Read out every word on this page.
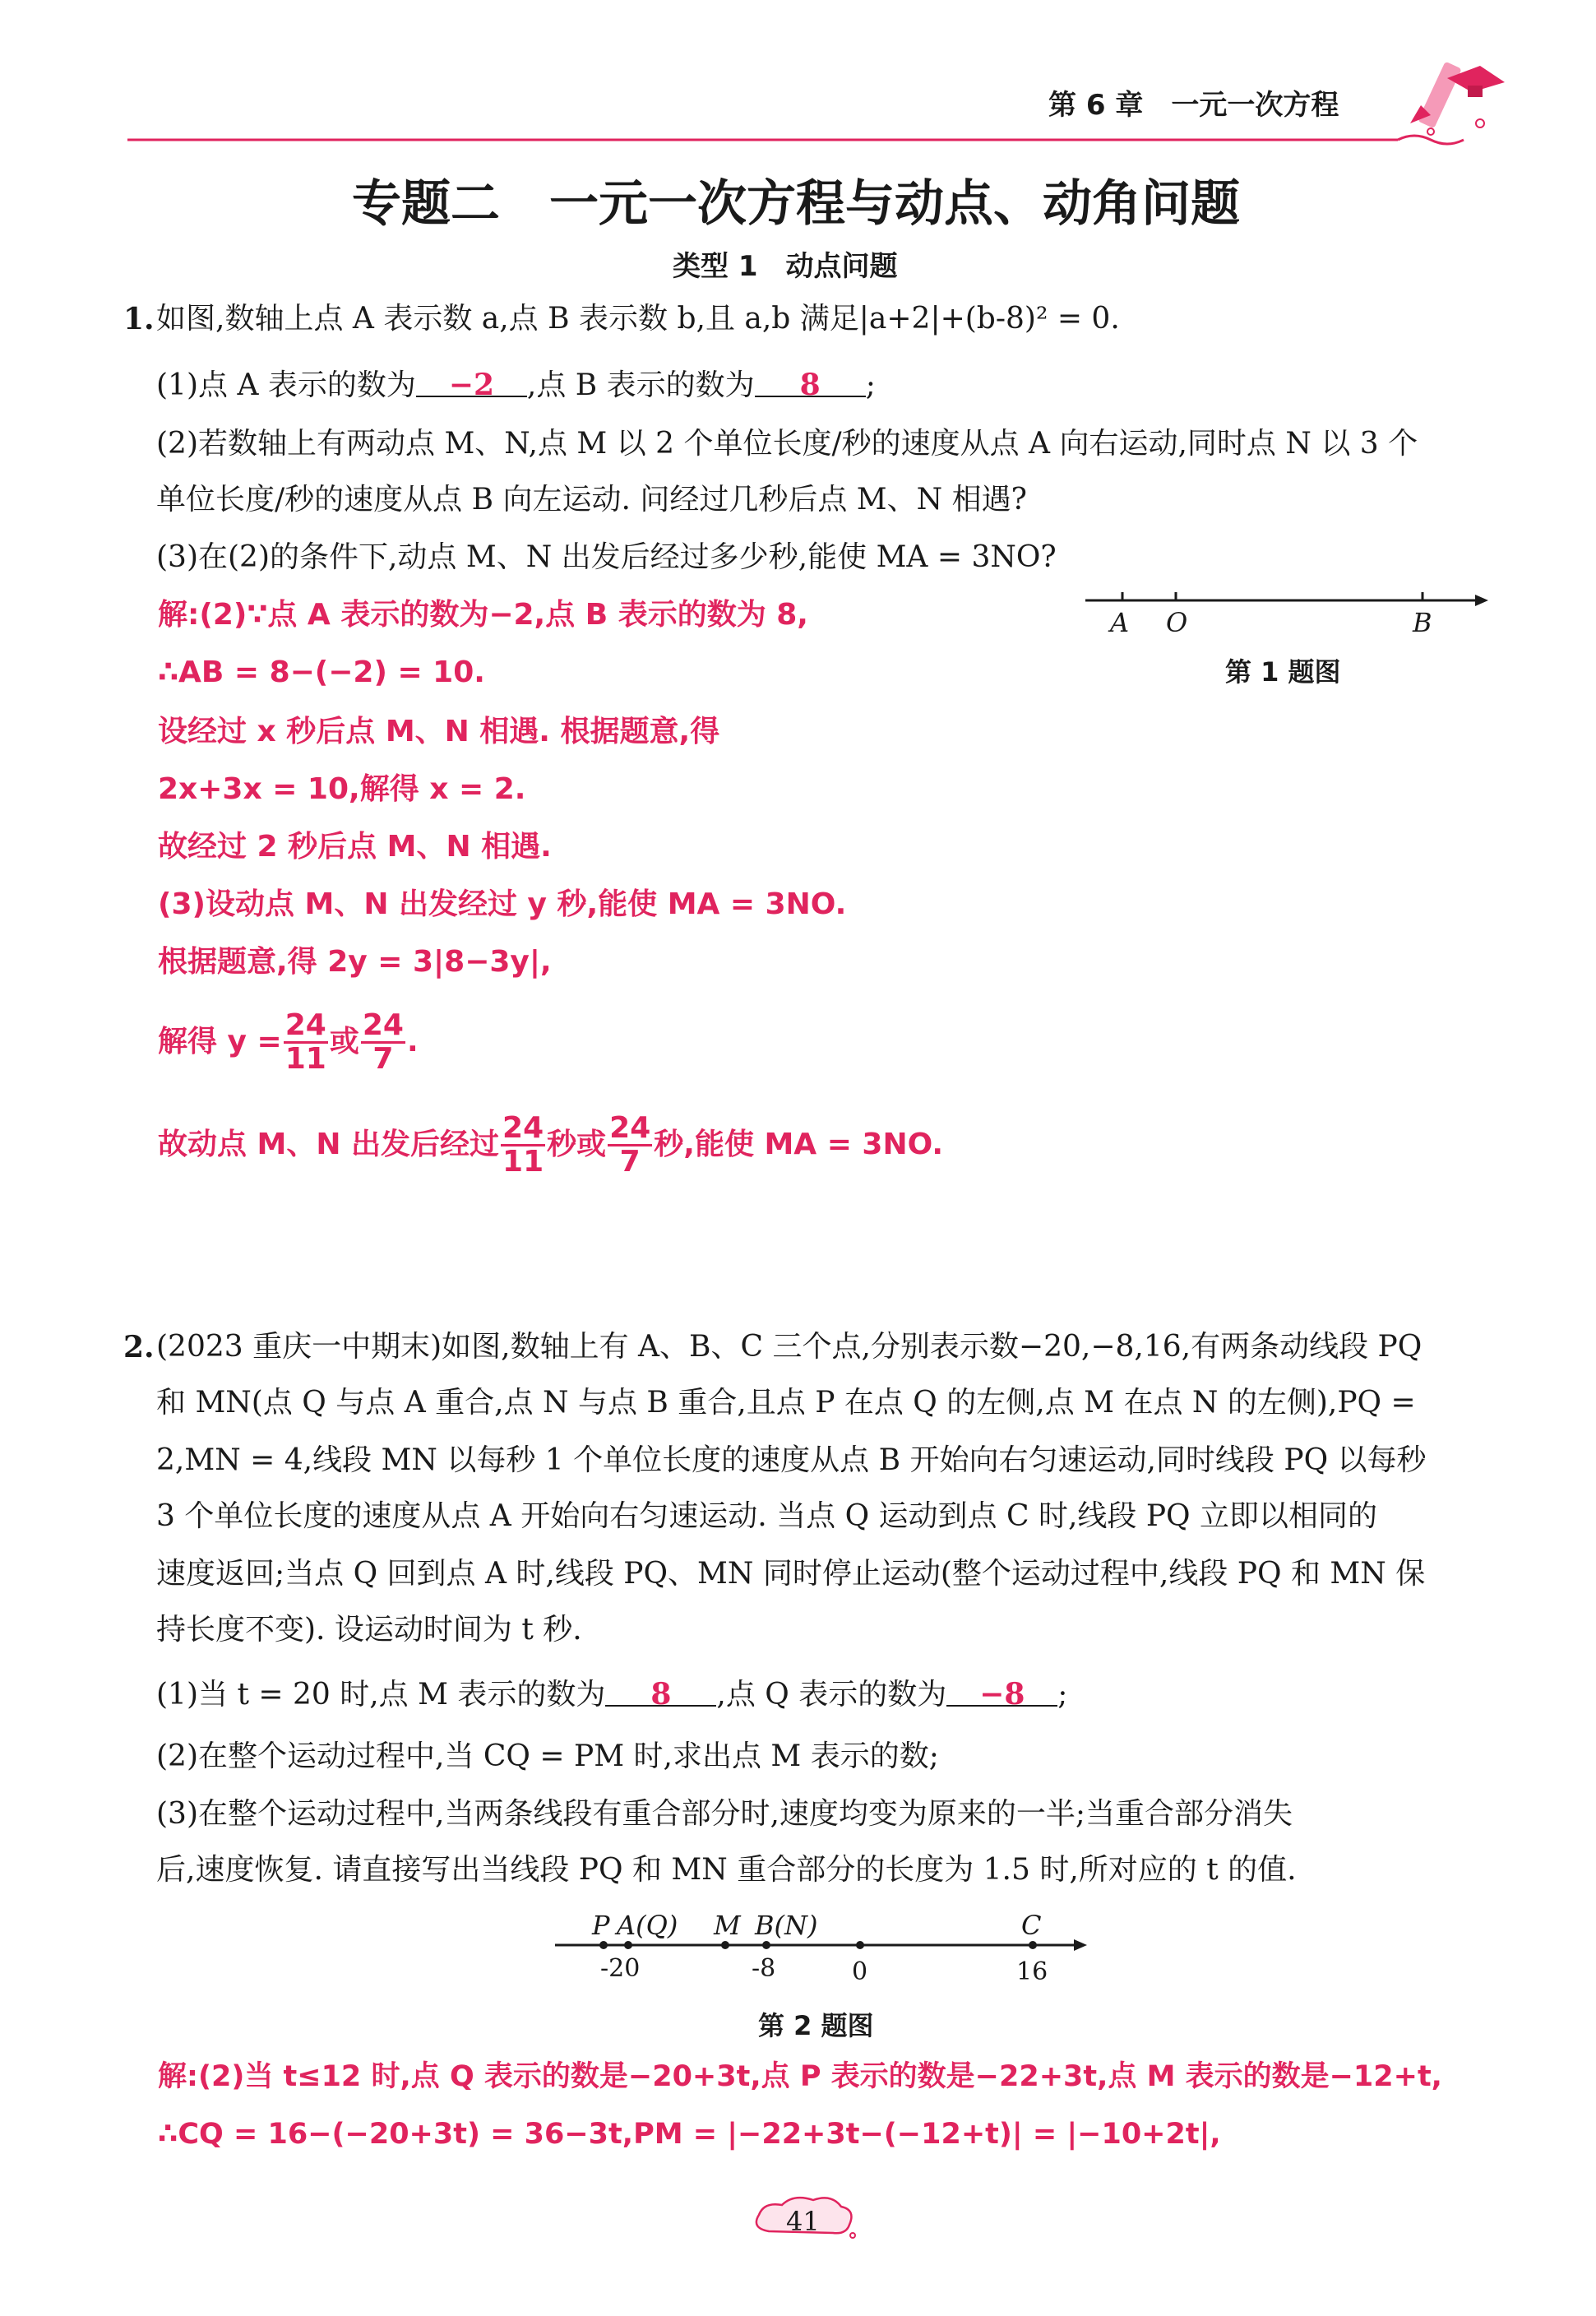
第 6 章　一元一次方程
专题二　一元一次方程与动点、动角问题
类型 1　动点问题
1. 如图,数轴上点 A 表示数 a,点 B 表示数 b,且 a,b 满足|a+2|+(b-8)² = 0.
(1)点 A 表示的数为 −2 ,点 B 表示的数为 8 ;
(2)若数轴上有两动点 M、N,点 M 以 2 个单位长度/秒的速度从点 A 向右运动,同时点 N 以 3 个
单位长度/秒的速度从点 B 向左运动. 问经过几秒后点 M、N 相遇?
(3)在(2)的条件下,动点 M、N 出发后经过多少秒,能使 MA = 3NO?
A O	B
第 1 题图
解:(2)∵点 A 表示的数为−2,点 B 表示的数为 8,
∴AB = 8−(−2) = 10.
设经过 x 秒后点 M、N 相遇. 根据题意,得
2x+3x = 10,解得 x = 2.
故经过 2 秒后点 M、N 相遇.
(3)设动点 M、N 出发经过 y 秒,能使 MA = 3NO.
根据题意,得 2y = 3|8−3y|,
解得 $y = \frac{24}{11}$ 或 $\frac{24}{7}$ .
故动点 M、N 出发后经过 $\frac{24}{11}$ 秒或 $\frac{24}{7}$ 秒,能使 MA = 3NO.
2. (2023 重庆一中期末)如图,数轴上有 A、B、C 三个点,分别表示数−20,−8,16,有两条动线段 PQ
和 MN(点 Q 与点 A 重合,点 N 与点 B 重合,且点 P 在点 Q 的左侧,点 M 在点 N 的左侧),PQ =
2,MN = 4,线段 MN 以每秒 1 个单位长度的速度从点 B 开始向右匀速运动,同时线段 PQ 以每秒
3 个单位长度的速度从点 A 开始向右匀速运动. 当点 Q 运动到点 C 时,线段 PQ 立即以相同的
速度返回;当点 Q 回到点 A 时,线段 PQ、MN 同时停止运动(整个运动过程中,线段 PQ 和 MN 保
持长度不变). 设运动时间为 t 秒.
(1)当 t = 20 时,点 M 表示的数为 8 ,点 Q 表示的数为 −8 ;
(2)在整个运动过程中,当 CQ = PM 时,求出点 M 表示的数;
(3)在整个运动过程中,当两条线段有重合部分时,速度均变为原来的一半;当重合部分消失
后,速度恢复. 请直接写出当线段 PQ 和 MN 重合部分的长度为 1.5 时,所对应的 t 的值.
P A(Q) M B(N)	C
-20	-8	0	16
第 2 题图
解:(2)当 t≤12 时,点 Q 表示的数是−20+3t,点 P 表示的数是−22+3t,点 M 表示的数是−12+t,
∴CQ = 16−(−20+3t) = 36−3t,PM = |−22+3t−(−12+t)| = |−10+2t|,
41
